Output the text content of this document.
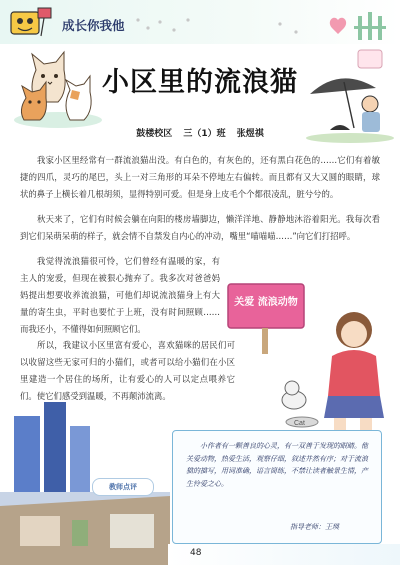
成长你我他
小区里的流浪猫
鼓楼校区 三（1）班 张煜祺

我家小区里经常有一群流浪猫出没。有白色的，有灰色的，还有黑白花色的……它们有着敏捷的四爪，灵巧的尾巴，头上一对三角形的耳朵不停地左右偏转。而且都有又大又圆的眼睛，球状的鼻子上横长着几根胡须，显得特别可爱。但是身上皮毛个个都很凌乱，脏兮兮的。

秋天来了，它们有时候会躺在向阳的楼房墙脚边，懒洋洋地、静静地沐浴着阳光。我每次看到它们呆萌呆萌的样子，就会情不自禁发自内心的冲动，嘴里“喵喵喵……”向它们打招呼。

我觉得流浪猫很可怜，它们曾经有温暖的家，有主人的宠爱，但现在被狠心抛弃了。我多次对爸爸妈妈提出想要收养流浪猫，可他们却说流浪猫身上有大量的寄生虫，平时也要忙于上班，没有时间照顾……而我还小，不懂得如何照顾它们。

所以，我建议小区里富有爱心，喜欢猫咪的居民们可以收留这些无家可归的小猫们，或者可以给小猫们在小区里建造一个居住的场所，让有爱心的人可以定点喂养它们。使它们感受到温暖，不再颠沛流离。

关爱 流浪动物
Cat

小作者有一颗善良的心灵，有一双善于发现的眼睛。他关爱动物，热爱生活，观察仔细，叙述井然有序；对于流浪猫的描写，用词准确，语言简练，不禁让读者触景生情，产生怜爱之心。

指导老师：王瑛
教师点评
48
